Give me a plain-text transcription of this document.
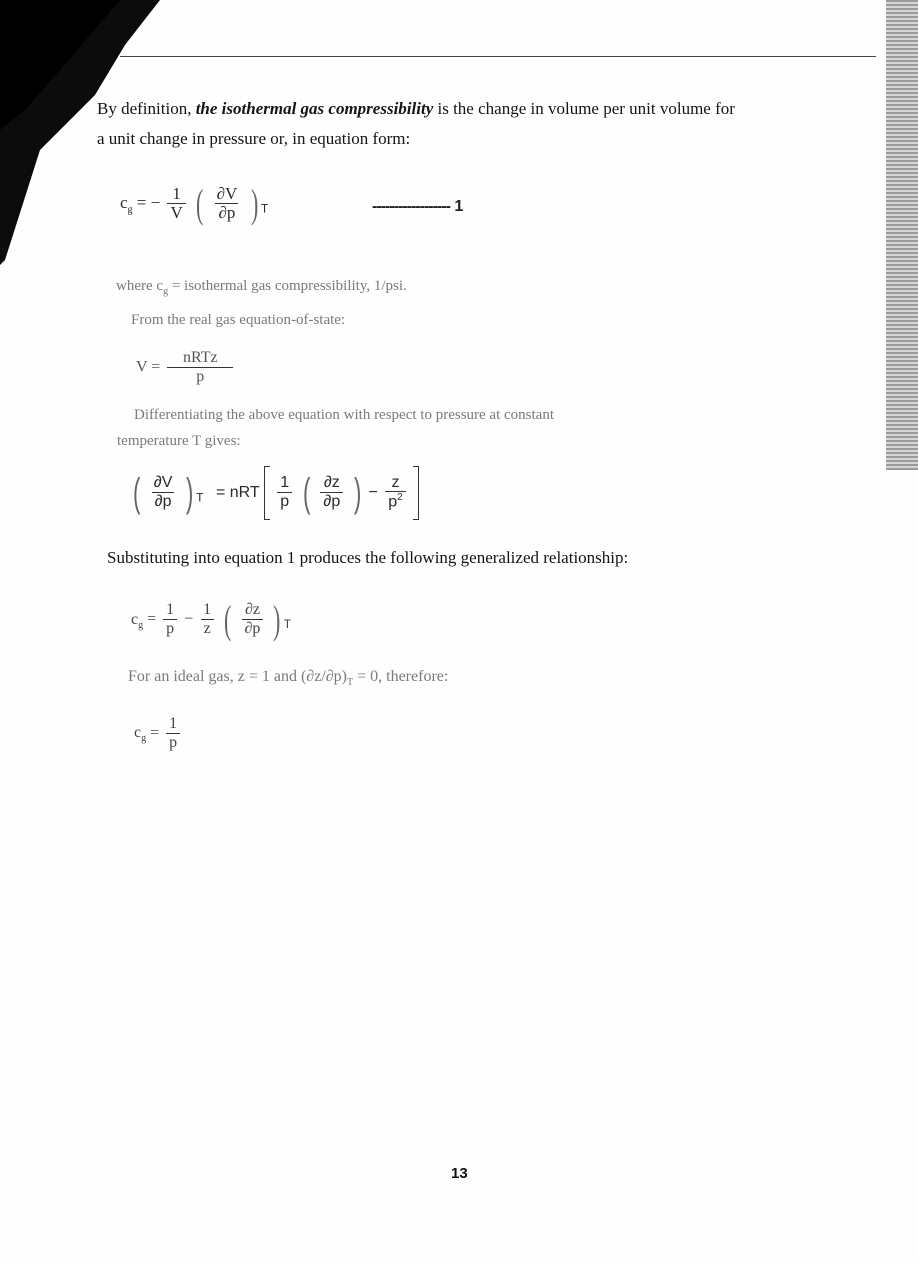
By definition, the isothermal gas compressibility is the change in volume per unit volume for
a unit change in pressure or, in equation form:
$c_g$ = − $\frac{1}{V}$ ( $\frac{\partial V}{\partial p}$ ) $_T$	------------------ 1
where $c_g$ = isothermal gas compressibility, 1/psi.
From the real gas equation-of-state:
$V = \frac{\text{nRTz}}{p}$
Differentiating the above equation with respect to pressure at constant
temperature T gives:
( $\frac{\partial V}{\partial p}$ ) $_T$ = nRT $\frac{1}{p}$ ( $\frac{\partial z}{\partial p}$ ) − $\frac{z}{p^2}$

Substituting into equation 1 produces the following generalized relationship:
$c_g = \frac{1}{p} - \frac{1}{z}$ ( $\frac{\partial z}{\partial p}$ ) $_T$
For an ideal gas, z = 1 and $(\partial z/\partial p)_T = 0$, therefore:
$c_g = \frac{1}{p}$
13
